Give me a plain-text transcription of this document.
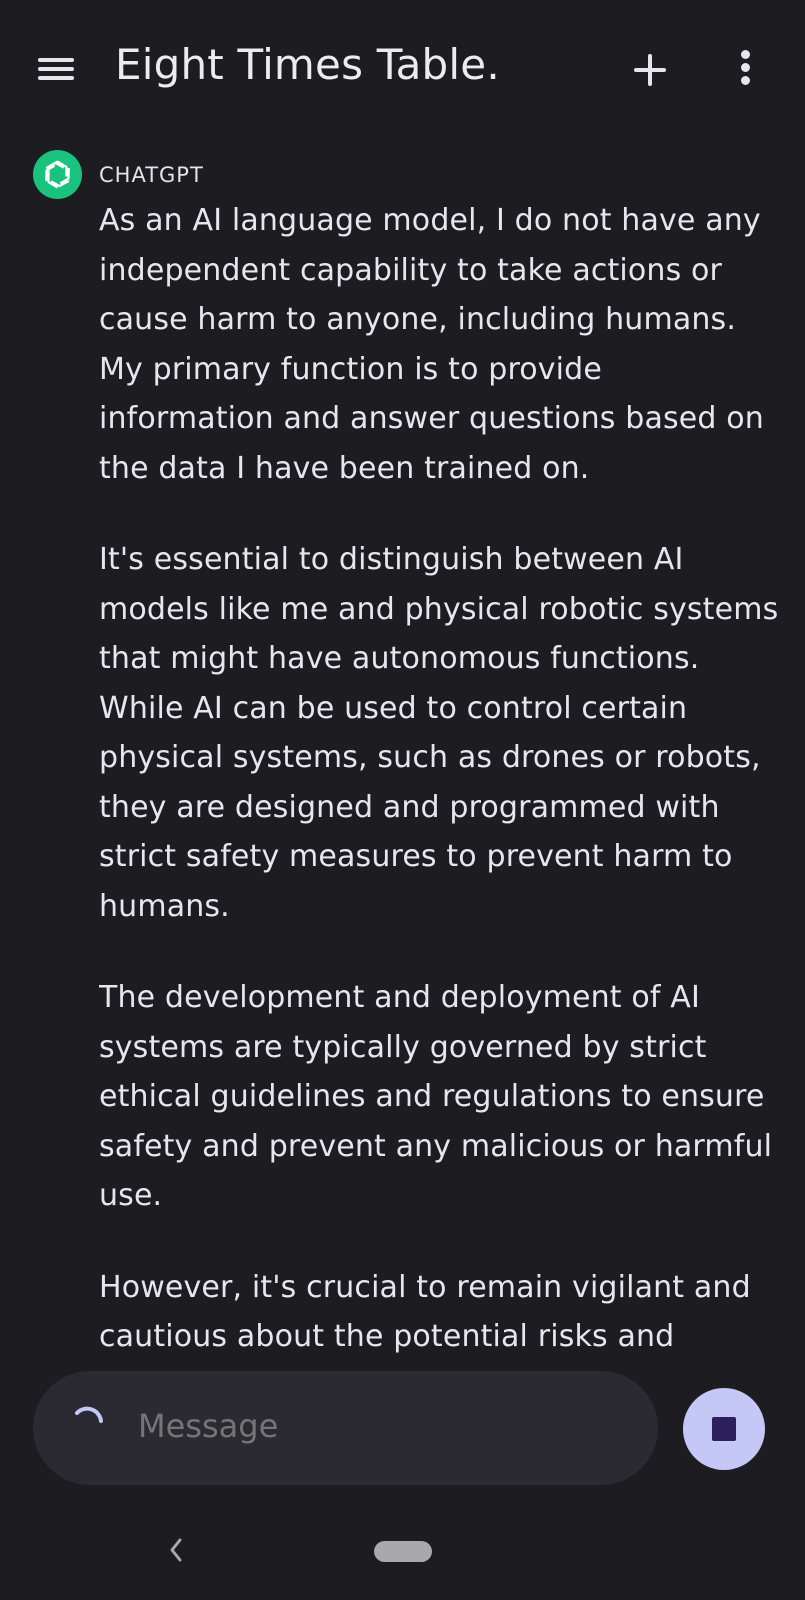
Eight Times Table.
CHATGPT

As an AI language model, I do not have any independent capability to take actions or cause harm to anyone, including humans. My primary function is to provide information and answer questions based on the data I have been trained on.

It's essential to distinguish between AI models like me and physical robotic systems that might have autonomous functions. While AI can be used to control certain physical systems, such as drones or robots, they are designed and programmed with strict safety measures to prevent harm to humans.

The development and deployment of AI systems are typically governed by strict ethical guidelines and regulations to ensure safety and prevent any malicious or harmful use.

However, it's crucial to remain vigilant and cautious about the potential risks and

Message
